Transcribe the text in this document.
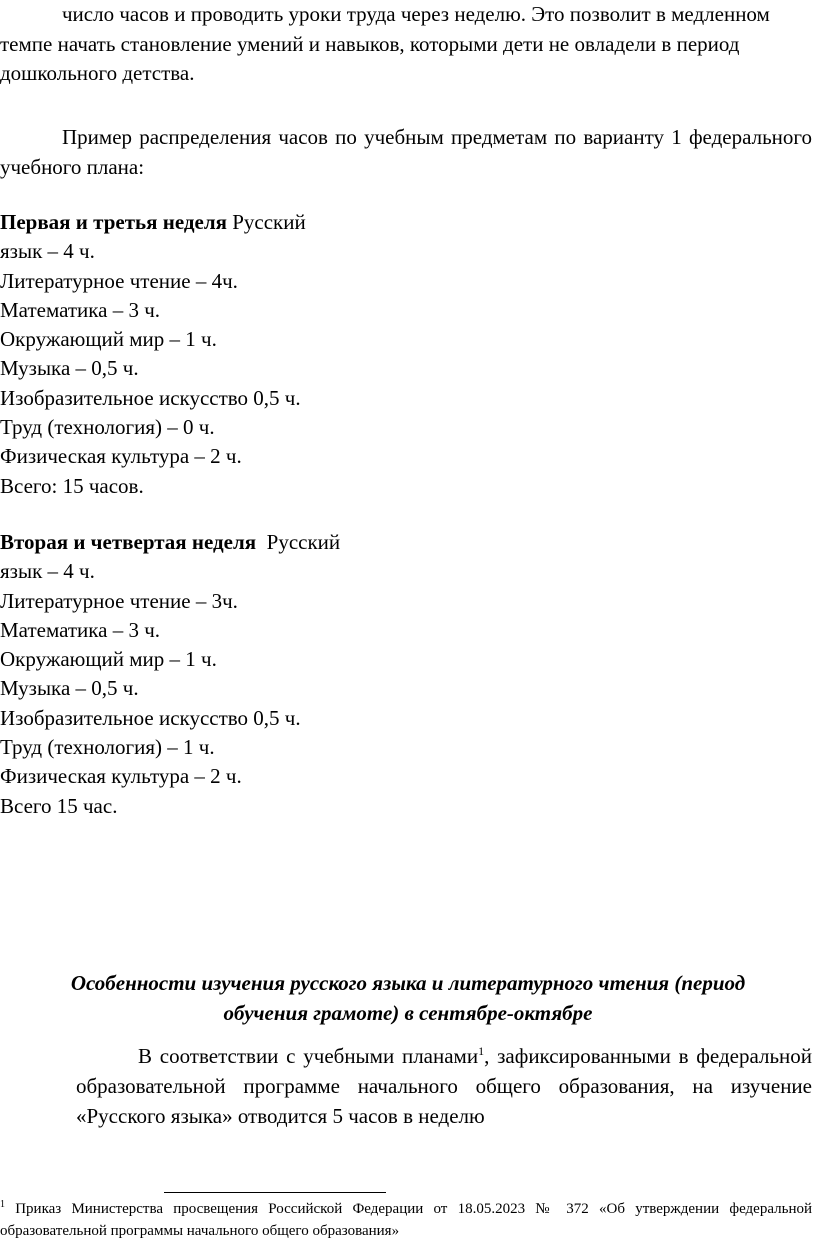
число часов и проводить уроки труда через неделю. Это позволит в медленном темпе начать становление умений и навыков, которыми дети не овладели в период дошкольного детства.

Пример распределения часов по учебным предметам по варианту 1 федерального учебного плана:

Первая и третья неделя Русский
язык – 4 ч.
Литературное чтение – 4ч.
Математика – 3 ч.
Окружающий мир – 1 ч.
Музыка – 0,5 ч.
Изобразительное искусство 0,5 ч.
Труд (технология) – 0 ч.
Физическая культура – 2 ч.
Всего: 15 часов.
Вторая и четвертая неделя Русский
язык – 4 ч.
Литературное чтение – 3ч.
Математика – 3 ч.
Окружающий мир – 1 ч.
Музыка – 0,5 ч.
Изобразительное искусство 0,5 ч.
Труд (технология) – 1 ч.
Физическая культура – 2 ч.
Всего 15 час.
Особенности изучения русского языка и литературного чтения (период
обучения грамоте) в сентябре-октябре

В соответствии с учебными планами$^1$, зафиксированными в федеральной образовательной программе начального общего образования, на изучение «Русского языка» отводится 5 часов в неделю

$^1$ Приказ Министерства просвещения Российской Федерации от 18.05.2023 № 372 «Об утверждении федеральной образовательной программы начального общего образования»
